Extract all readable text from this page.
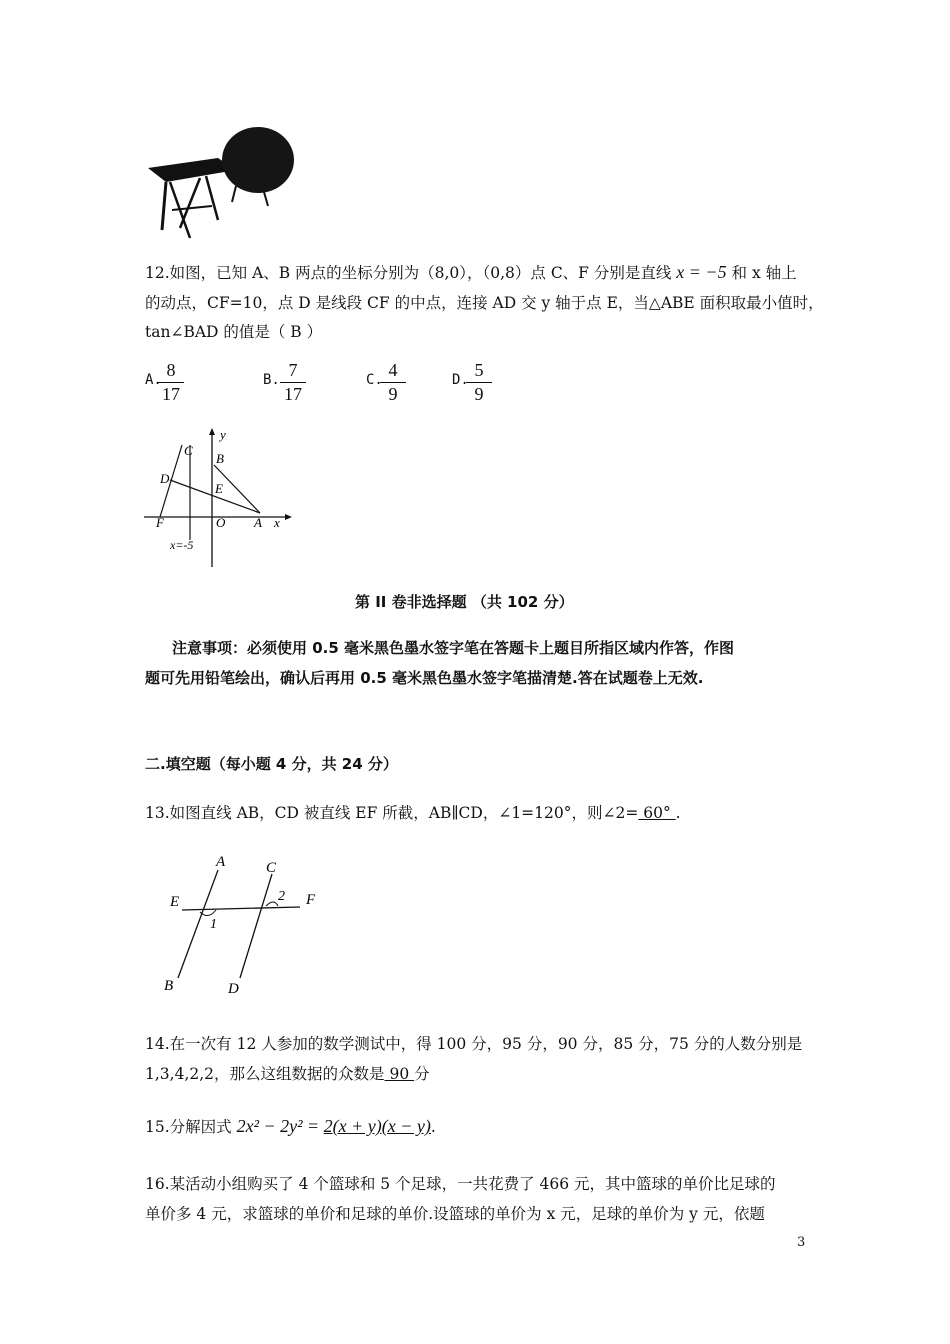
12.如图，已知 A、B 两点的坐标分别为（8,0），（0,8）点 C、F 分别是直线 x = −5 和 x 轴上
的动点，CF=10，点 D 是线段 CF 的中点，连接 AD 交 y 轴于点 E，当△ABE 面积取最小值时，
tan∠BAD 的值是（ B ）
A.
$\frac{8}{17}$	B. $\frac{7}{17}$	C.
$\frac{4}{9}$	D.
$\frac{5}{9}$
y
x
C
B
D
E
F	O A
x=-5
第 II 卷非选择题 （共 102 分）
注意事项：必须使用 0.5 毫米黑色墨水签字笔在答题卡上题目所指区域内作答，作图
题可先用铅笔绘出，确认后再用 0.5 毫米黑色墨水签字笔描清楚.答在试题卷上无效.
二.填空题（每小题 4 分，共 24 分）
13.如图直线 AB，CD 被直线 EF 所截，AB∥CD，∠1=120°，则∠2= 60° .
A	C
E	F
1
2
B	D
14.在一次有 12 人参加的数学测试中，得 100 分，95 分，90 分，85 分，75 分的人数分别是
1,3,4,2,2，那么这组数据的众数是 90 分
15.分解因式 2x² − 2y² = 2(x + y)(x − y).
16.某活动小组购买了 4 个篮球和 5 个足球，一共花费了 466 元，其中篮球的单价比足球的
单价多 4 元，求篮球的单价和足球的单价.设篮球的单价为 x 元，足球的单价为 y 元，依题
3
